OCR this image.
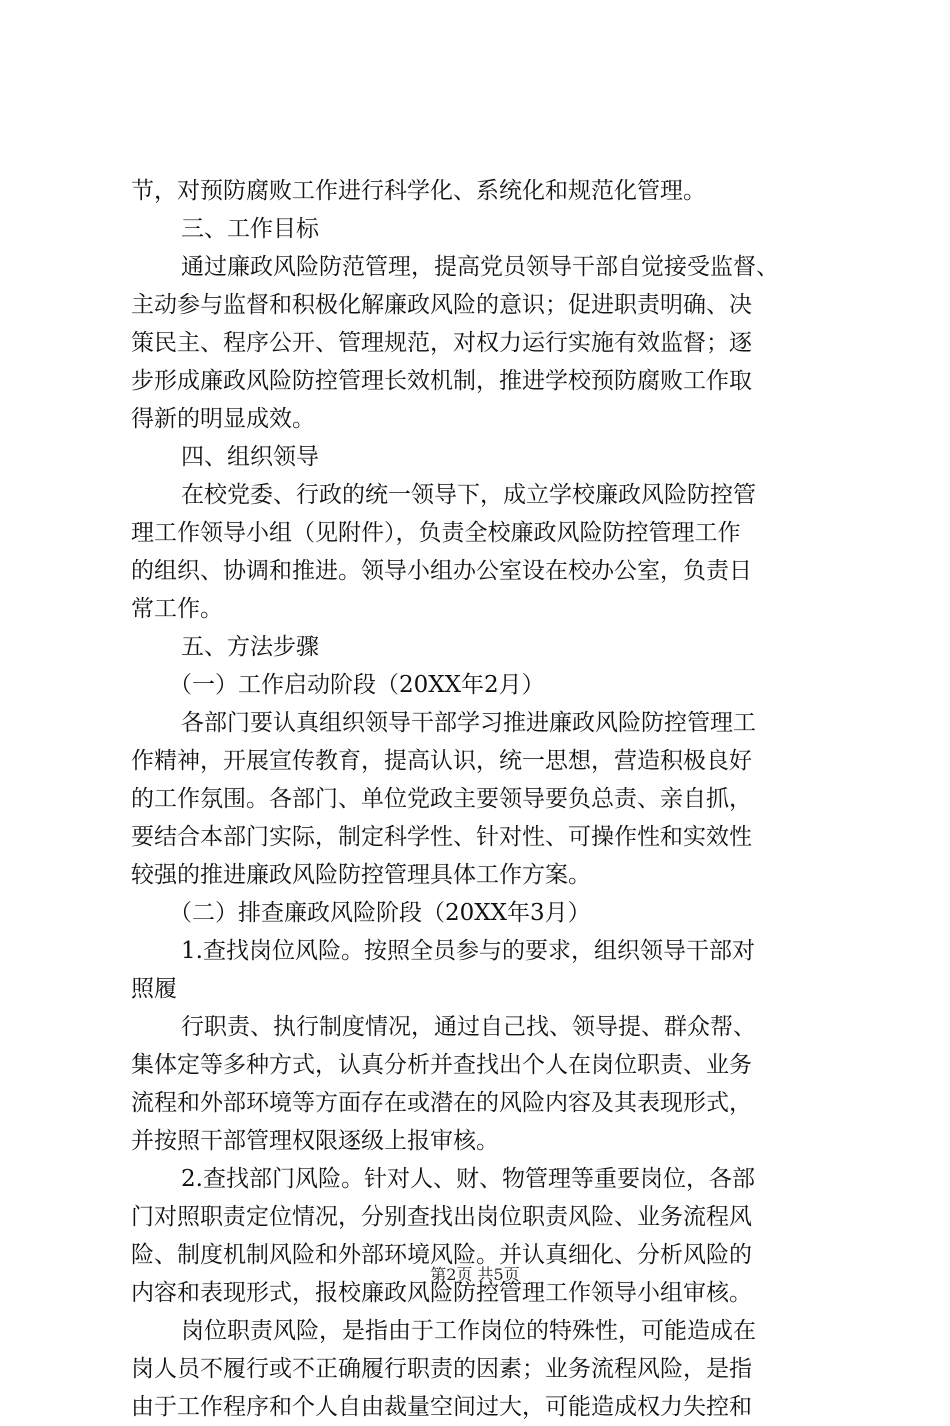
节，对预防腐败工作进行科学化、系统化和规范化管理。
三、工作目标
通过廉政风险防范管理，提高党员领导干部自觉接受监督、
主动参与监督和积极化解廉政风险的意识；促进职责明确、决
策民主、程序公开、管理规范，对权力运行实施有效监督；逐
步形成廉政风险防控管理长效机制，推进学校预防腐败工作取
得新的明显成效。
四、组织领导
在校党委、行政的统一领导下，成立学校廉政风险防控管
理工作领导小组（见附件），负责全校廉政风险防控管理工作
的组织、协调和推进。领导小组办公室设在校办公室，负责日
常工作。
五、方法步骤
（一）工作启动阶段（20XX年2月）
各部门要认真组织领导干部学习推进廉政风险防控管理工
作精神，开展宣传教育，提高认识，统一思想，营造积极良好
的工作氛围。各部门、单位党政主要领导要负总责、亲自抓，
要结合本部门实际，制定科学性、针对性、可操作性和实效性
较强的推进廉政风险防控管理具体工作方案。
（二）排查廉政风险阶段（20XX年3月）
1.查找岗位风险。按照全员参与的要求，组织领导干部对
照履
行职责、执行制度情况，通过自己找、领导提、群众帮、
集体定等多种方式，认真分析并查找出个人在岗位职责、业务
流程和外部环境等方面存在或潜在的风险内容及其表现形式，
并按照干部管理权限逐级上报审核。
2.查找部门风险。针对人、财、物管理等重要岗位，各部
门对照职责定位情况，分别查找出岗位职责风险、业务流程风
险、制度机制风险和外部环境风险。并认真细化、分析风险的
内容和表现形式，报校廉政风险防控管理工作领导小组审核。
岗位职责风险，是指由于工作岗位的特殊性，可能造成在
岗人员不履行或不正确履行职责的因素；业务流程风险，是指
由于工作程序和个人自由裁量空间过大，可能造成权力失控和
第2页 共5页
